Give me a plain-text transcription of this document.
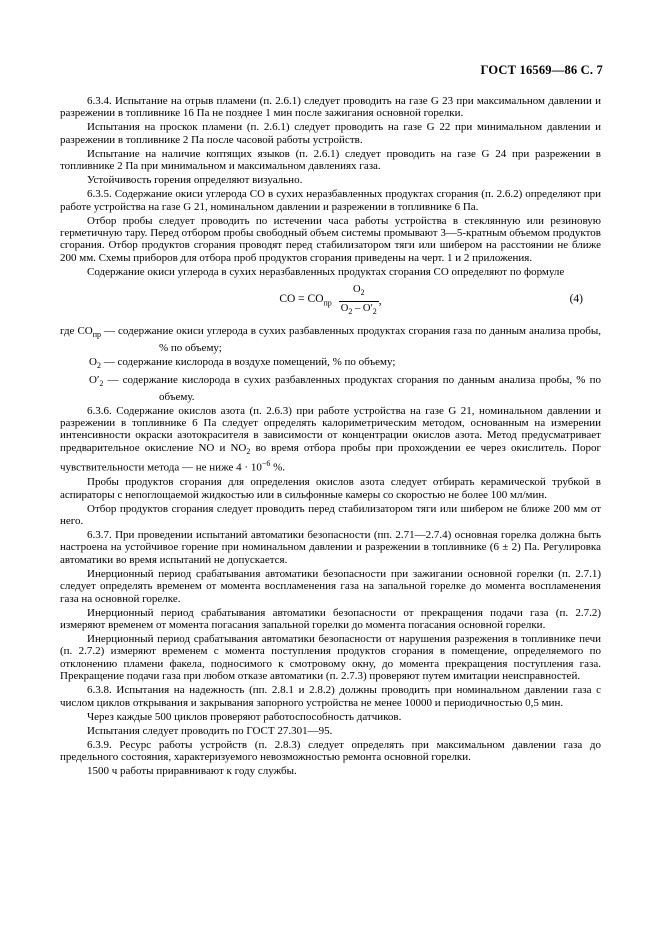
ГОСТ 16569—86 С. 7

6.3.4. Испытание на отрыв пламени (п. 2.6.1) следует проводить на газе G 23 при максимальном давлении и разрежении в топливнике 16 Па не позднее 1 мин после зажигания основной горелки.

Испытания на проскок пламени (п. 2.6.1) следует проводить на газе G 22 при минимальном давлении и разрежении в топливнике 2 Па после часовой работы устройств.

Испытание на наличие коптящих языков (п. 2.6.1) следует проводить на газе G 24 при разрежении в топливнике 2 Па при минимальном и максимальном давлениях газа.

Устойчивость горения определяют визуально.

6.3.5. Содержание окиси углерода СО в сухих неразбавленных продуктах сгорания (п. 2.6.2) определяют при работе устройства на газе G 21, номинальном давлении и разрежении в топливнике 6 Па.

Отбор пробы следует проводить по истечении часа работы устройства в стеклянную или резиновую герметичную тару. Перед отбором пробы свободный объем системы промывают 3—5-кратным объемом продуктов сгорания. Отбор продуктов сгорания проводят перед стабилизатором тяги или шибером на расстоянии не ближе 200 мм. Схемы приборов для отбора проб продуктов сгорания приведены на черт. 1 и 2 приложения.

Содержание окиси углерода в сухих неразбавленных продуктах сгорания СО определяют по формуле

CO = $CO_{пр} \frac{O_2}{O_2 - O'_2}$ ,	(4)

где $CO_{пр}$ — содержание окиси углерода в сухих разбавленных продуктах сгорания газа по данным анализа пробы, % по объему;

$O_2$ — содержание кислорода в воздухе помещений, % по объему;

$O'_2$ — содержание кислорода в сухих разбавленных продуктах сгорания по данным анализа пробы, % по объему.

6.3.6. Содержание окислов азота (п. 2.6.3) при работе устройства на газе G 21, номинальном давлении и разрежении в топливнике 6 Па следует определять калориметрическим методом, основанным на измерении интенсивности окраски азотокрасителя в зависимости от концентрации окислов азота. Метод предусматривает предварительное окисление NO и $NO_2$ во время отбора пробы при прохождении ее через окислитель. Порог чувствительности метода — не ниже $4 \cdot 10^{-6}$ %.

Пробы продуктов сгорания для определения окислов азота следует отбирать керамической трубкой в аспираторы с непоглощаемой жидкостью или в сильфонные камеры со скоростью не более 100 мл/мин.

Отбор продуктов сгорания следует проводить перед стабилизатором тяги или шибером не ближе 200 мм от него.

6.3.7. При проведении испытаний автоматики безопасности (пп. 2.71—2.7.4) основная горелка должна быть настроена на устойчивое горение при номинальном давлении и разрежении в топливнике (6 ± 2) Па. Регулировка автоматики во время испытаний не допускается.

Инерционный период срабатывания автоматики безопасности при зажигании основной горелки (п. 2.7.1) следует определять временем от момента воспламенения газа на запальной горелке до момента воспламенения газа на основной горелке.

Инерционный период срабатывания автоматики безопасности от прекращения подачи газа (п. 2.7.2) измеряют временем от момента погасания запальной горелки до момента погасания основной горелки.

Инерционный период срабатывания автоматики безопасности от нарушения разрежения в топливнике печи (п. 2.7.2) измеряют временем с момента поступления продуктов сгорания в помещение, определяемого по отклонению пламени факела, подносимого к смотровому окну, до момента прекращения поступления газа. Прекращение подачи газа при любом отказе автоматики (п. 2.7.3) проверяют путем имитации неисправностей.

6.3.8. Испытания на надежность (пп. 2.8.1 и 2.8.2) должны проводить при номинальном давлении газа с числом циклов открывания и закрывания запорного устройства не менее 10000 и периодичностью 0,5 мин.

Через каждые 500 циклов проверяют работоспособность датчиков.

Испытания следует проводить по ГОСТ 27.301—95.

6.3.9. Ресурс работы устройств (п. 2.8.3) следует определять при максимальном давлении газа до предельного состояния, характеризуемого невозможностью ремонта основной горелки.

1500 ч работы приравнивают к году службы.
